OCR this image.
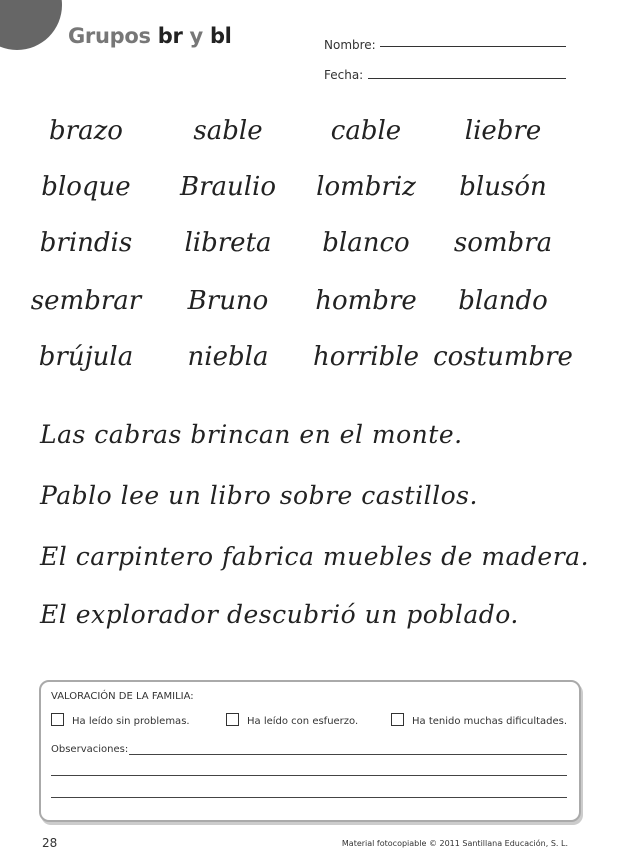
Grupos br y bl	Nombre:
Fecha:
brazo	sable	cable liebre
bloque Braulio lombriz blusón
brindis libreta blanco sombra
sembrar Bruno hombre blando
brújula niebla horrible costumbre
Las cabras brincan en el monte.
Pablo lee un libro sobre castillos.
El carpintero fabrica muebles de madera.
El explorador descubrió un poblado.
VALORACIÓN DE LA FAMILIA:
Ha leído sin problemas.	Ha leído con esfuerzo.	Ha tenido muchas dificultades.
Observaciones:
28	Material fotocopiable © 2011 Santillana Educación, S. L.
